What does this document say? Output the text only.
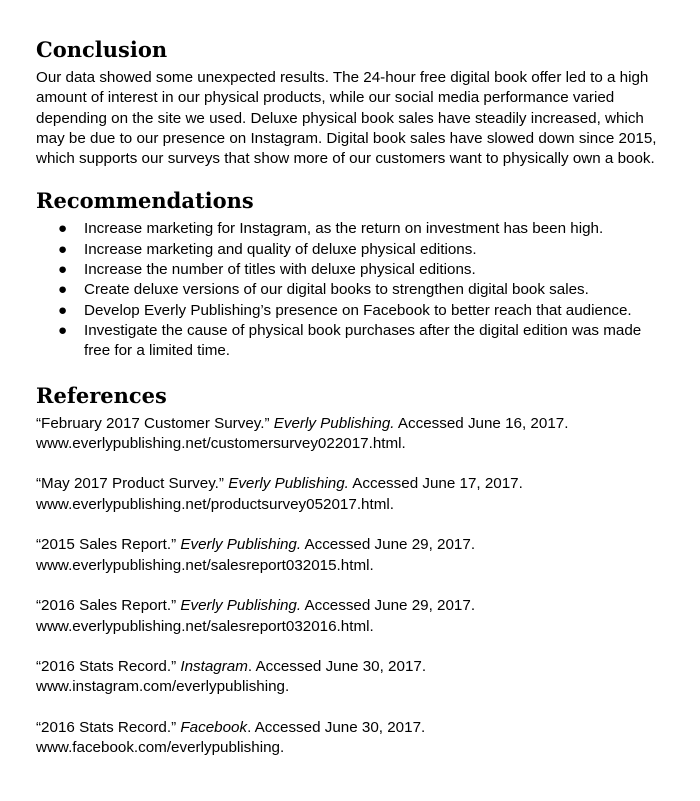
Conclusion

Our data showed some unexpected results. The 24-hour free digital book offer led to a high amount of interest in our physical products, while our social media performance varied depending on the site we used. Deluxe physical book sales have steadily increased, which may be due to our presence on Instagram. Digital book sales have slowed down since 2015, which supports our surveys that show more of our customers want to physically own a book.

Recommendations
● Increase marketing for Instagram, as the return on investment has been high.
● Increase marketing and quality of deluxe physical editions.
● Increase the number of titles with deluxe physical editions.
● Create deluxe versions of our digital books to strengthen digital book sales.
● Develop Everly Publishing’s presence on Facebook to better reach that audience.
● Investigate the cause of physical book purchases after the digital edition was made free for a limited time.
References

“February 2017 Customer Survey.” Everly Publishing. Accessed June 16, 2017.
www.everlypublishing.net/customersurvey022017.html.

“May 2017 Product Survey.” Everly Publishing. Accessed June 17, 2017.
www.everlypublishing.net/productsurvey052017.html.

“2015 Sales Report.” Everly Publishing. Accessed June 29, 2017.
www.everlypublishing.net/salesreport032015.html.

“2016 Sales Report.” Everly Publishing. Accessed June 29, 2017.
www.everlypublishing.net/salesreport032016.html.

“2016 Stats Record.” Instagram. Accessed June 30, 2017.
www.instagram.com/everlypublishing.

“2016 Stats Record.” Facebook. Accessed June 30, 2017.
www.facebook.com/everlypublishing.
